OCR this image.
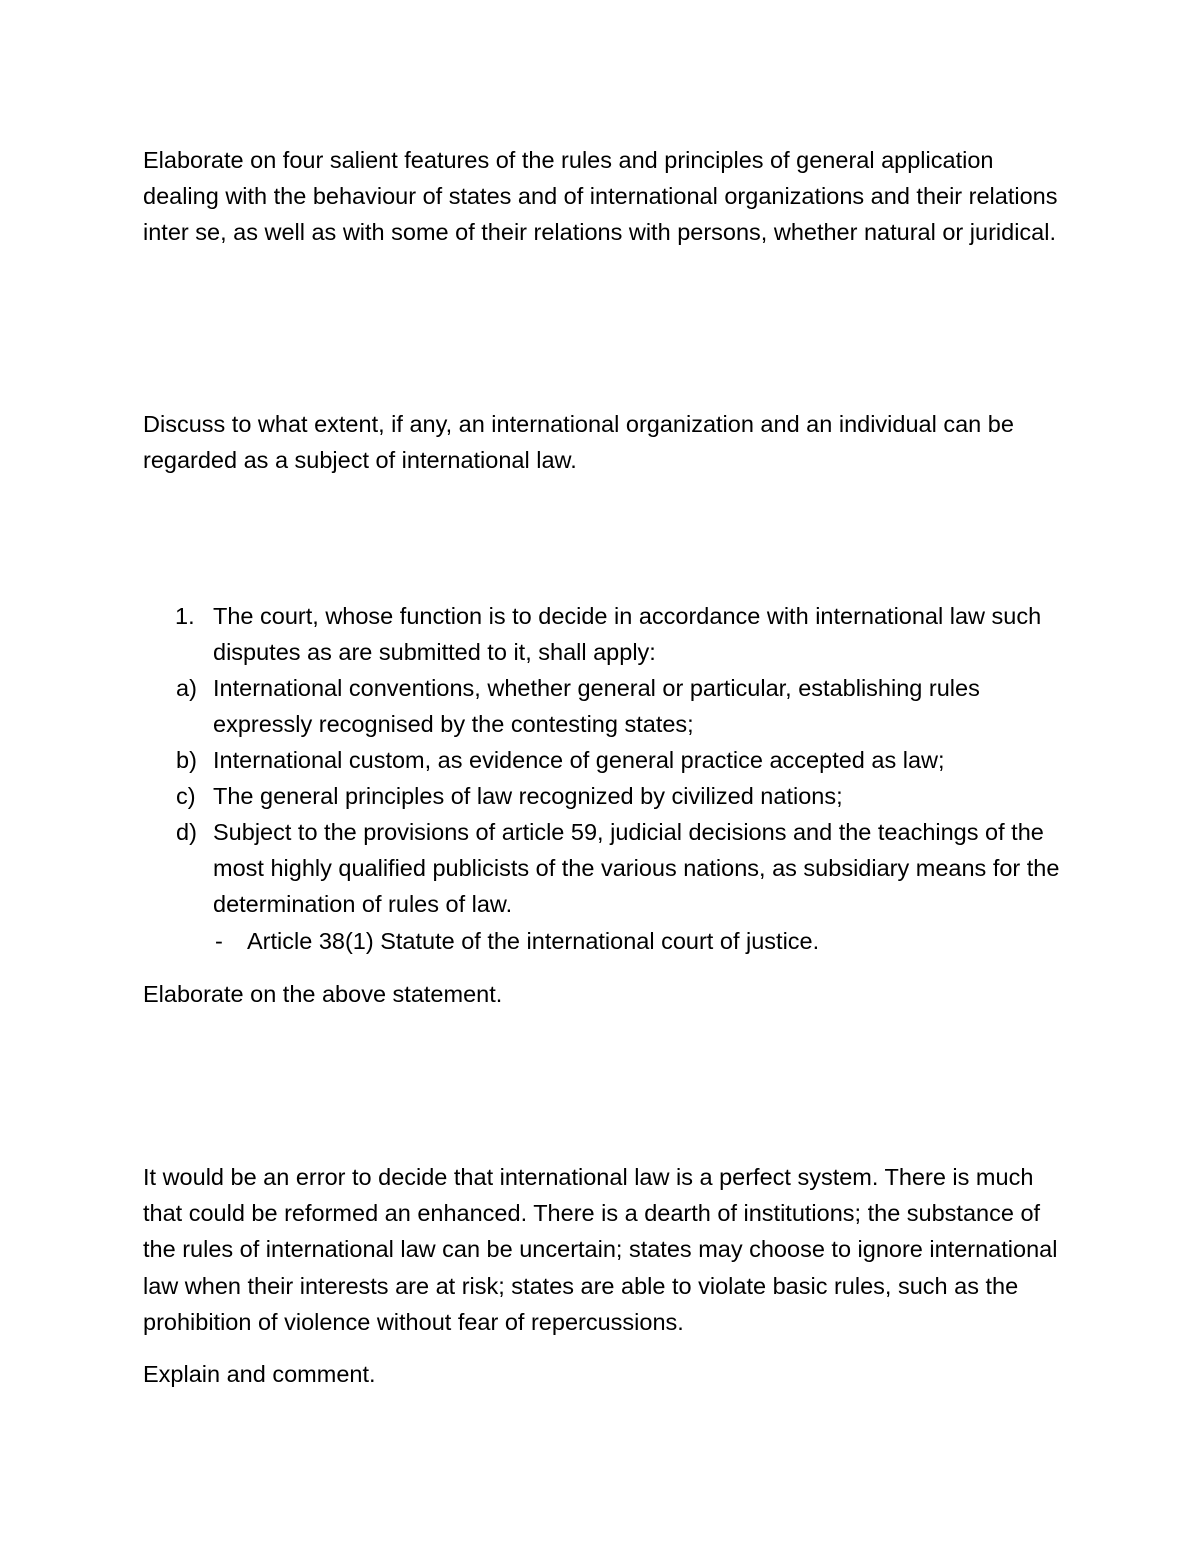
Elaborate on four salient features of the rules and principles of general application dealing with the behaviour of states and of international organizations and their relations inter se, as well as with some of their relations with persons, whether natural or juridical.

Discuss to what extent, if any, an international organization and an individual can be regarded as a subject of international law.

1. The court, whose function is to decide in accordance with international law such disputes as are submitted to it, shall apply:
a) International conventions, whether general or particular, establishing rules expressly recognised by the contesting states;
b) International custom, as evidence of general practice accepted as law;
c) The general principles of law recognized by civilized nations;
d) Subject to the provisions of article 59, judicial decisions and the teachings of the most highly qualified publicists of the various nations, as subsidiary means for the determination of rules of law.
- Article 38(1) Statute of the international court of justice.

Elaborate on the above statement.

It would be an error to decide that international law is a perfect system. There is much that could be reformed an enhanced. There is a dearth of institutions; the substance of the rules of international law can be uncertain; states may choose to ignore international law when their interests are at risk; states are able to violate basic rules, such as the prohibition of violence without fear of repercussions.

Explain and comment.
